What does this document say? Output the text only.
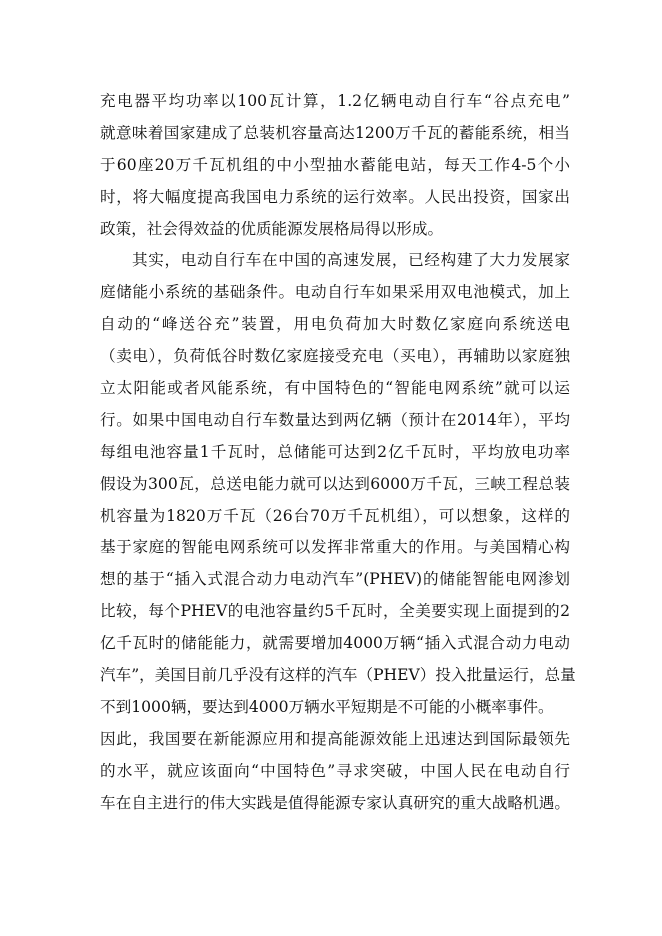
充电器平均功率以100瓦计算，1.2亿辆电动自行车“谷点充电”
就意味着国家建成了总装机容量高达1200万千瓦的蓄能系统，相当
于60座20万千瓦机组的中小型抽水蓄能电站，每天工作4-5个小
时，将大幅度提高我国电力系统的运行效率。人民出投资，国家出
政策，社会得效益的优质能源发展格局得以形成。
其实，电动自行车在中国的高速发展，已经构建了大力发展家
庭储能小系统的基础条件。电动自行车如果采用双电池模式，加上
自动的“峰送谷充”装置，用电负荷加大时数亿家庭向系统送电
（卖电），负荷低谷时数亿家庭接受充电（买电），再辅助以家庭独
立太阳能或者风能系统，有中国特色的“智能电网系统”就可以运
行。如果中国电动自行车数量达到两亿辆（预计在2014年），平均
每组电池容量1千瓦时，总储能可达到2亿千瓦时，平均放电功率
假设为300瓦，总送电能力就可以达到6000万千瓦，三峡工程总装
机容量为1820万千瓦（26台70万千瓦机组），可以想象，这样的
基于家庭的智能电网系统可以发挥非常重大的作用。与美国精心构
想的基于“插入式混合动力电动汽车”(PHEV)的储能智能电网渗划
比较，每个PHEV的电池容量约5千瓦时，全美要实现上面提到的2
亿千瓦时的储能能力，就需要增加4000万辆“插入式混合动力电动
汽车”，美国目前几乎没有这样的汽车（PHEV）投入批量运行，总量
不到1000辆，要达到4000万辆水平短期是不可能的小概率事件。
因此，我国要在新能源应用和提高能源效能上迅速达到国际最领先
的水平，就应该面向“中国特色”寻求突破，中国人民在电动自行
车在自主进行的伟大实践是值得能源专家认真研究的重大战略机遇。
